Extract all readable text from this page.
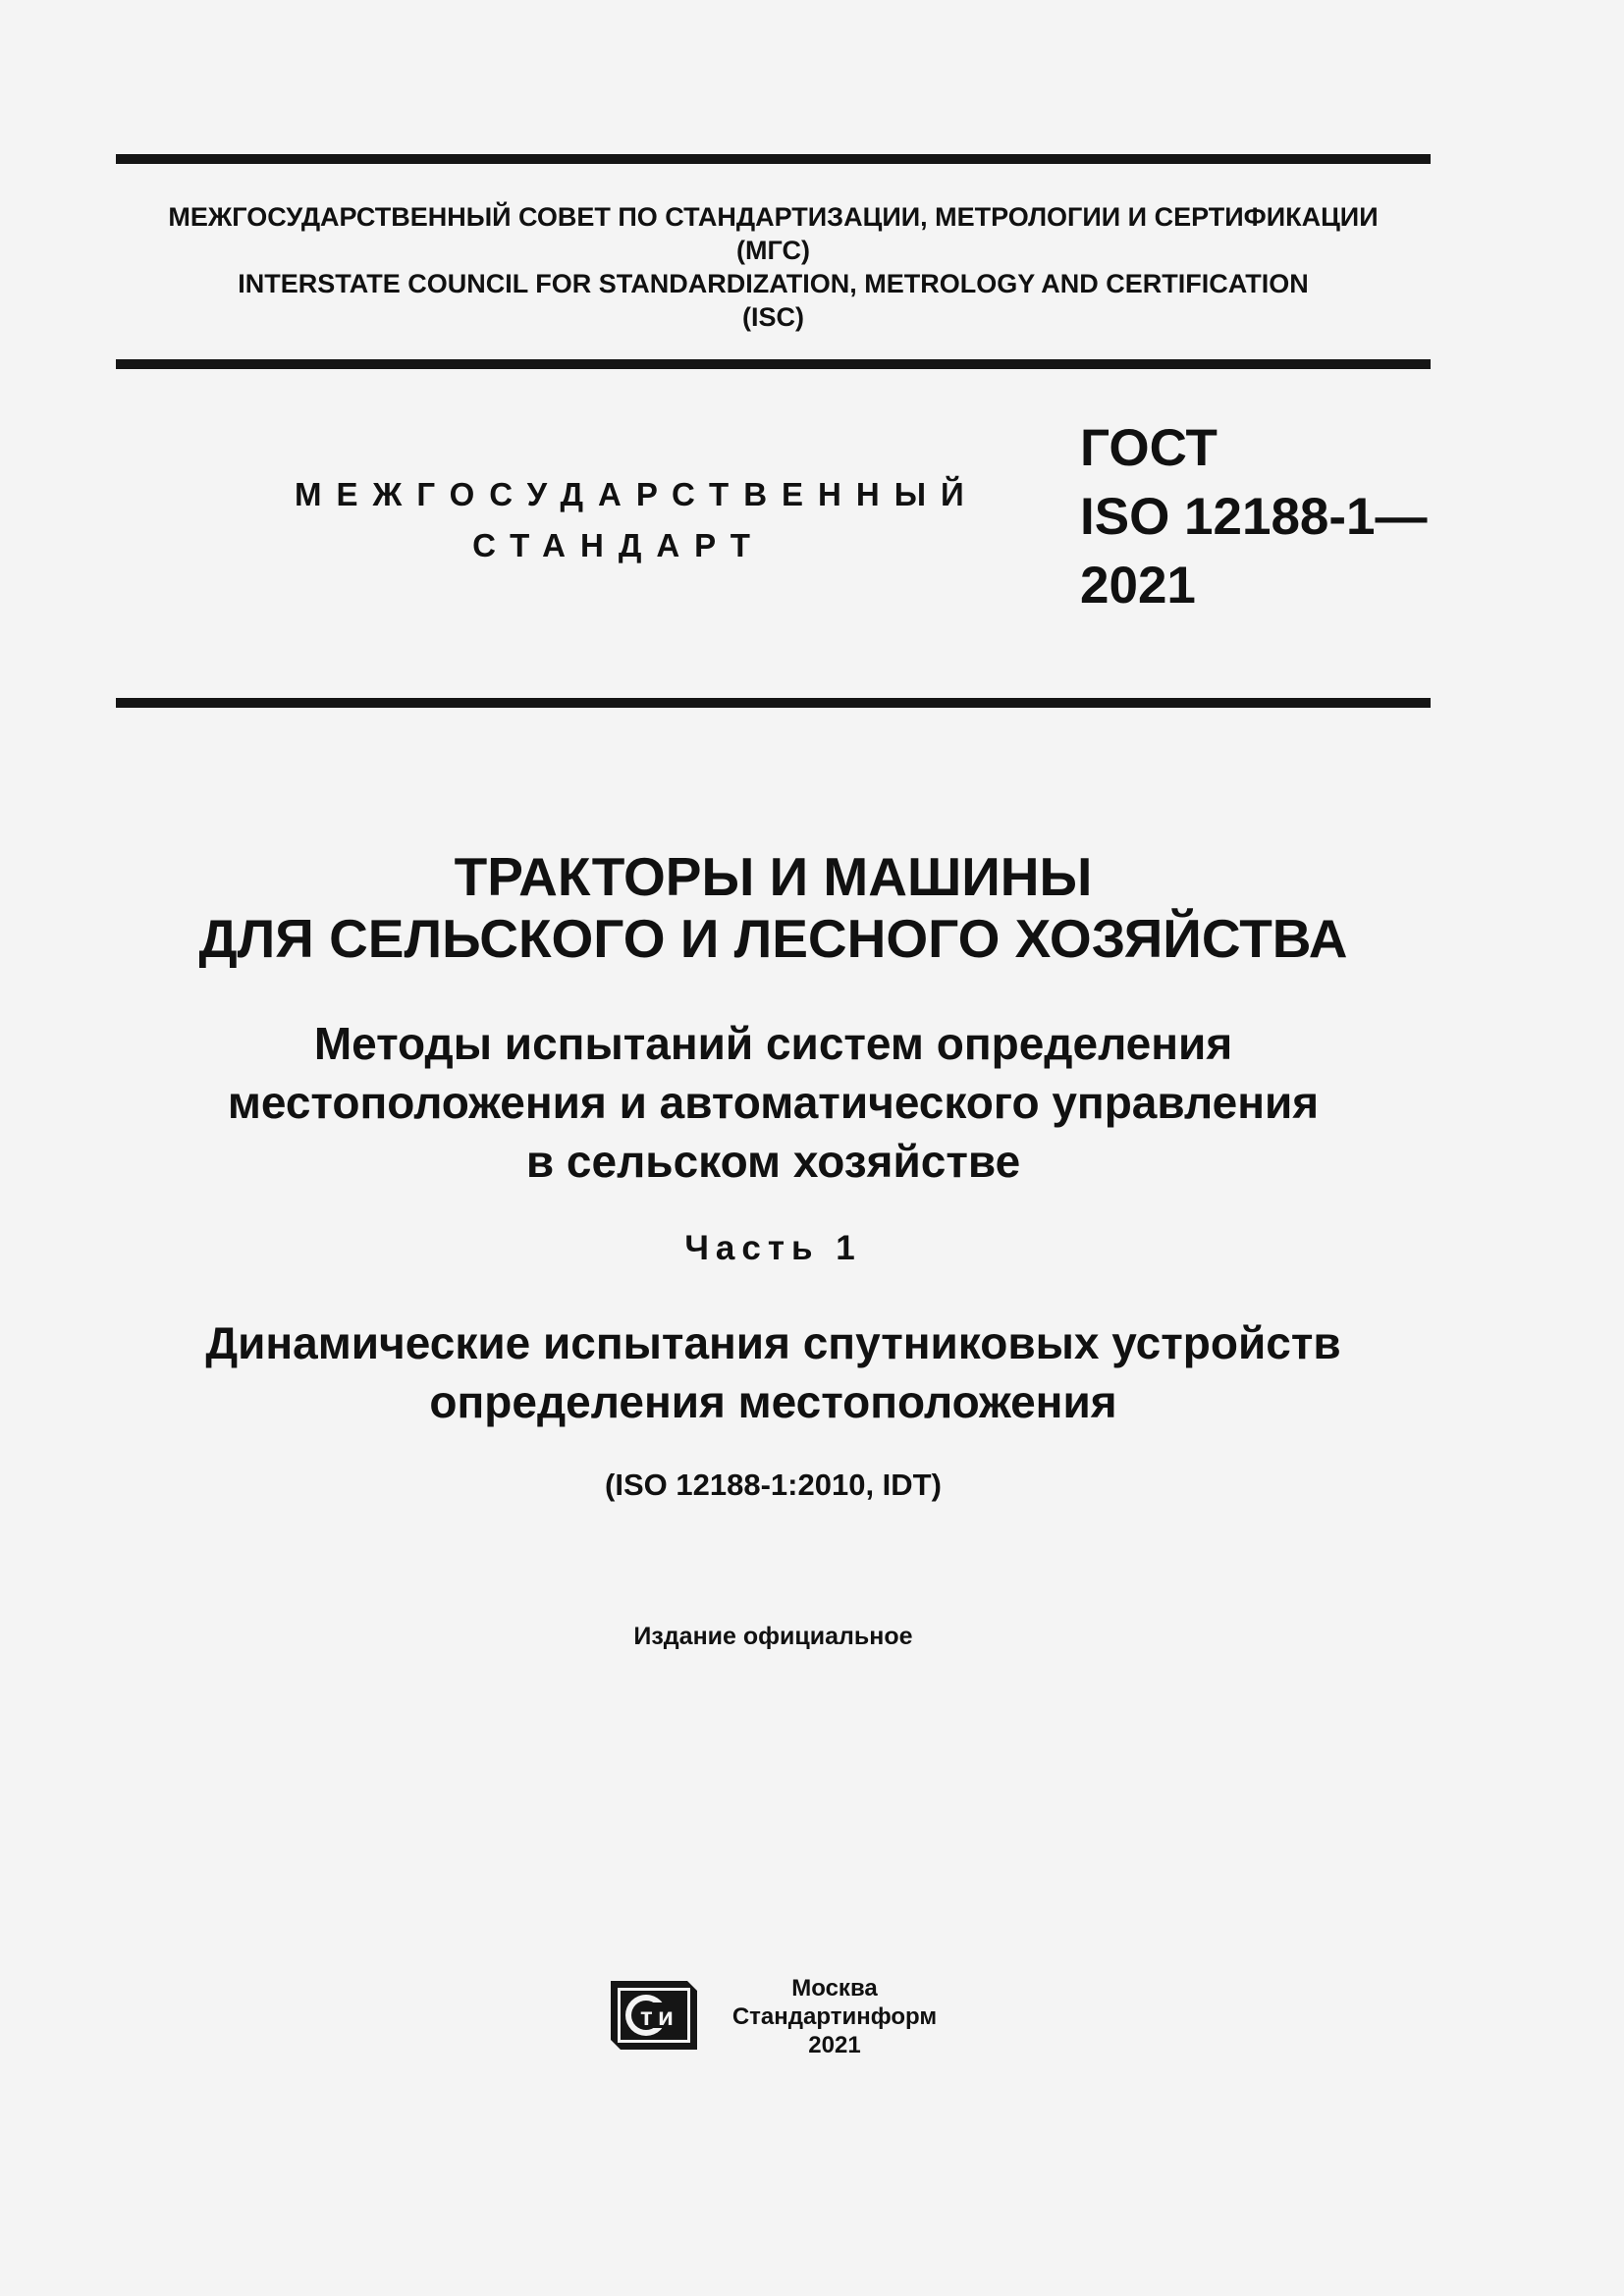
МЕЖГОСУДАРСТВЕННЫЙ СОВЕТ ПО СТАНДАРТИЗАЦИИ, МЕТРОЛОГИИ И СЕРТИФИКАЦИИ
(МГС)
INTERSTATE COUNCIL FOR STANDARDIZATION, METROLOGY AND CERTIFICATION
(ISC)
МЕЖГОСУДАРСТВЕННЫЙ
СТАНДАРТ
ГОСТ
ISO 12188-1—
2021
ТРАКТОРЫ И МАШИНЫ
ДЛЯ СЕЛЬСКОГО И ЛЕСНОГО ХОЗЯЙСТВА
Методы испытаний систем определения
местоположения и автоматического управления
в сельском хозяйстве
Часть 1
Динамические испытания спутниковых устройств
определения местоположения
(ISO 12188-1:2010, IDT)
Издание официальное
т и
Москва
Стандартинформ
2021
